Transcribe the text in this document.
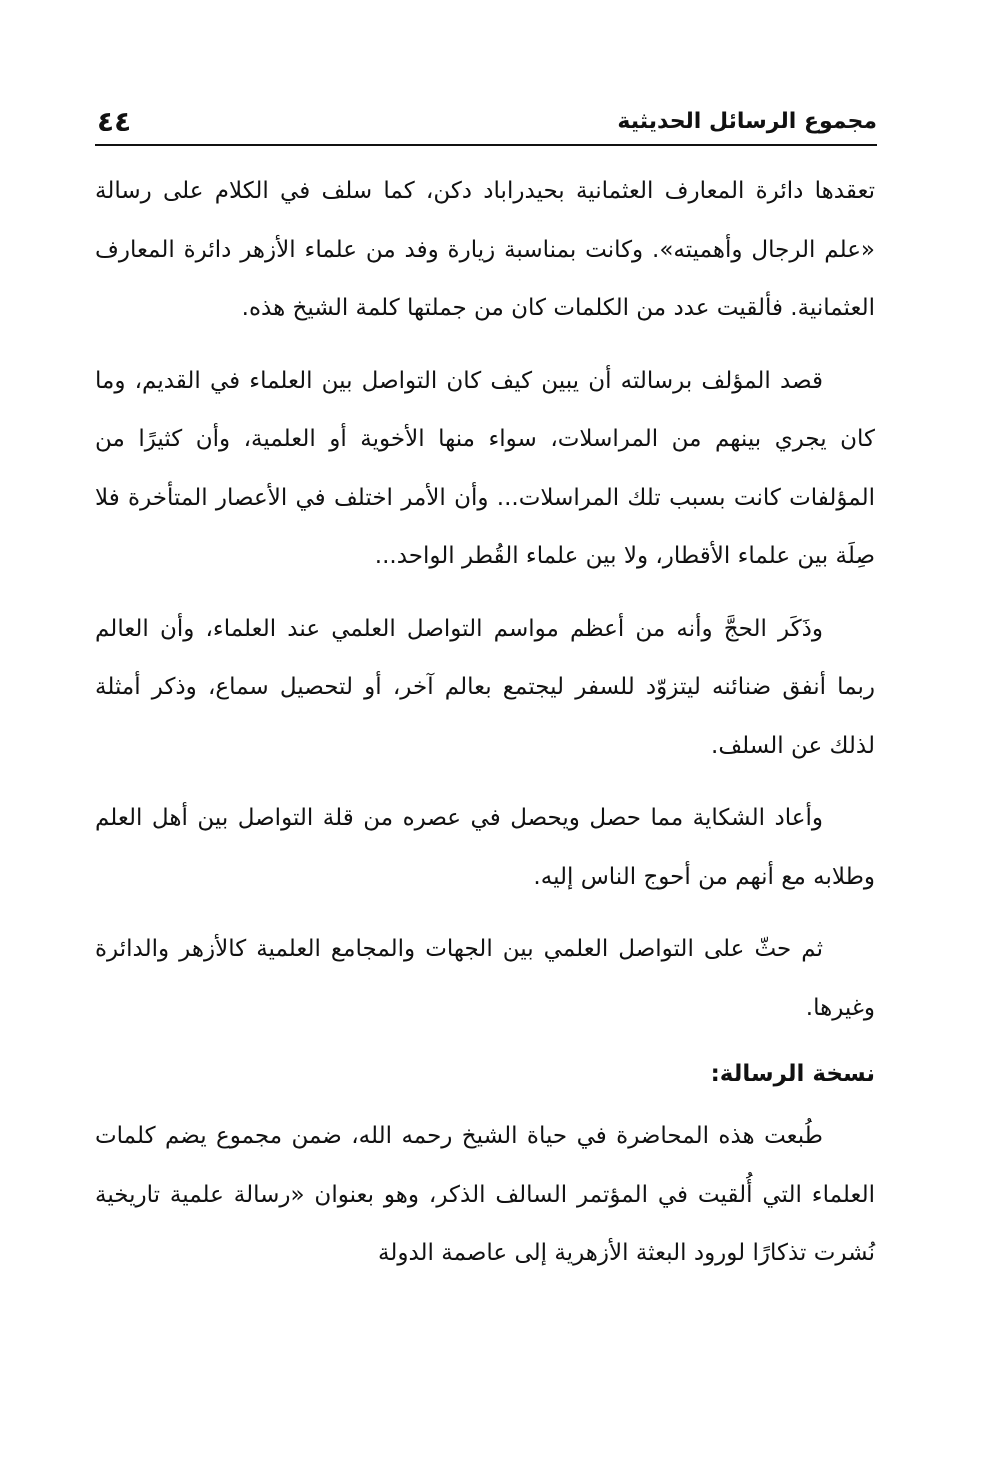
مجموع الرسائل الحديثية
٤٤

تعقدها دائرة المعارف العثمانية بحيدراباد دكن، كما سلف في الكلام على رسالة «علم الرجال وأهميته». وكانت بمناسبة زيارة وفد من علماء الأزهر دائرة المعارف العثمانية. فألقيت عدد من الكلمات كان من جملتها كلمة الشيخ هذه.

قصد المؤلف برسالته أن يبين كيف كان التواصل بين العلماء في القديم، وما كان يجري بينهم من المراسلات، سواء منها الأخوية أو العلمية، وأن كثيرًا من المؤلفات كانت بسبب تلك المراسلات... وأن الأمر اختلف في الأعصار المتأخرة فلا صِلَة بين علماء الأقطار، ولا بين علماء القُطر الواحد...

وذَكَر الحجَّ وأنه من أعظم مواسم التواصل العلمي عند العلماء، وأن العالم ربما أنفق ضنائنه ليتزوّد للسفر ليجتمع بعالم آخر، أو لتحصيل سماع، وذكر أمثلة لذلك عن السلف.

وأعاد الشكاية مما حصل ويحصل في عصره من قلة التواصل بين أهل العلم وطلابه مع أنهم من أحوج الناس إليه.

ثم حثّ على التواصل العلمي بين الجهات والمجامع العلمية كالأزهر والدائرة وغيرها.

نسخة الرسالة:

طُبعت هذه المحاضرة في حياة الشيخ رحمه الله، ضمن مجموع يضم كلمات العلماء التي أُلقيت في المؤتمر السالف الذكر، وهو بعنوان «رسالة علمية تاريخية نُشرت تذكارًا لورود البعثة الأزهرية إلى عاصمة الدولة
